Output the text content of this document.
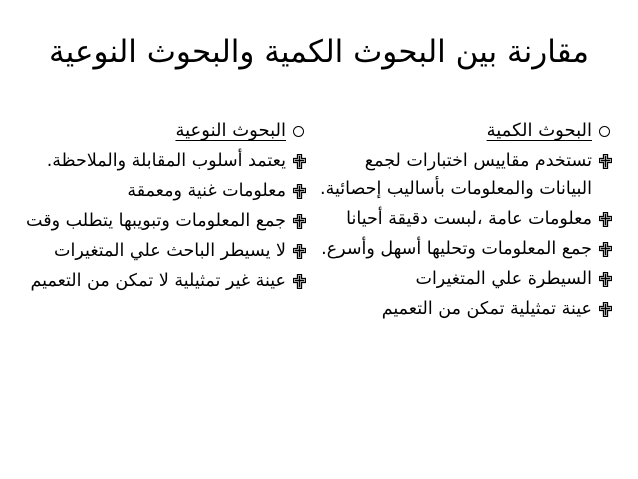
مقارنة بين البحوث الكمية والبحوث النوعية
البحوث الكمية
تستخدم مقاييس اختبارات لجمع البيانات والمعلومات بأساليب إحصائية.
معلومات عامة ،لبست دقيقة أحيانا
جمع المعلومات وتحليها أسهل وأسرع.
السيطرة علي المتغيرات
عينة تمثيلية تمكن من التعميم
البحوث النوعية
يعتمد أسلوب المقابلة والملاحظة.
معلومات غنية ومعمقة
جمع المعلومات وتبويبها يتطلب وقت
لا يسيطر الباحث علي المتغيرات
عينة غير تمثيلية لا تمكن من التعميم
